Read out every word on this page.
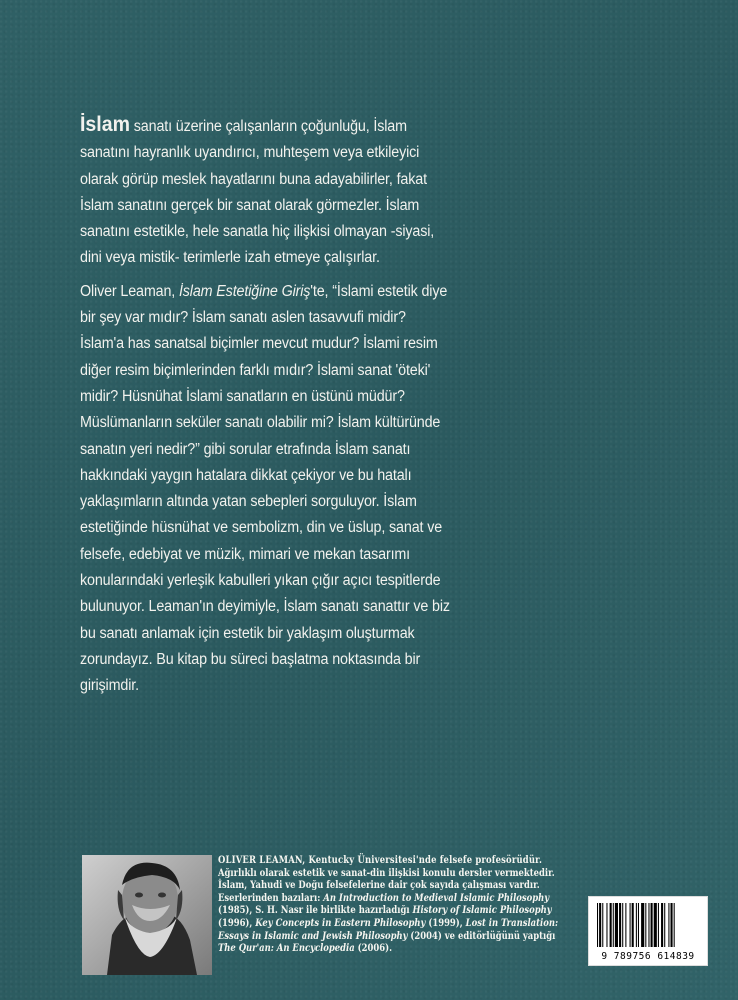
İslam sanatı üzerine çalışanların çoğunluğu, İslam sanatını hayranlık uyandırıcı, muhteşem veya etkileyici olarak görüp meslek hayatlarını buna adayabilirler, fakat İslam sanatını gerçek bir sanat olarak görmezler. İslam sanatını estetikle, hele sanatla hiç ilişkisi olmayan -siyasi, dini veya mistik- terimlerle izah etmeye çalışırlar.

Oliver Leaman, İslam Estetiğine Giriş'te, “İslami estetik diye bir şey var mıdır? İslam sanatı aslen tasavvufi midir? İslam'a has sanatsal biçimler mevcut mudur? İslami resim diğer resim biçimlerinden farklı mıdır? İslami sanat 'öteki' midir? Hüsnühat İslami sanatların en üstünü müdür? Müslümanların seküler sanatı olabilir mi? İslam kültüründe sanatın yeri nedir?” gibi sorular etrafında İslam sanatı hakkındaki yaygın hatalara dikkat çekiyor ve bu hatalı yaklaşımların altında yatan sebepleri sorguluyor. İslam estetiğinde hüsnühat ve sembolizm, din ve üslup, sanat ve felsefe, edebiyat ve müzik, mimari ve mekan tasarımı konularındaki yerleşik kabulleri yıkan çığır açıcı tespitlerde bulunuyor. Leaman'ın deyimiyle, İslam sanatı sanattır ve biz bu sanatı anlamak için estetik bir yaklaşım oluşturmak zorundayız. Bu kitap bu süreci başlatma noktasında bir girişimdir.

OLIVER LEAMAN, Kentucky Üniversitesi'nde felsefe profesörüdür.
Ağırlıklı olarak estetik ve sanat-din ilişkisi konulu dersler vermektedir.
İslam, Yahudi ve Doğu felsefelerine dair çok sayıda çalışması vardır.
Eserlerinden bazıları: An Introduction to Medieval Islamic Philosophy
(1985), S. H. Nasr ile birlikte hazırladığı History of Islamic Philosophy
(1996), Key Concepts in Eastern Philosophy (1999), Lost in Translation:
Essays in Islamic and Jewish Philosophy (2004) ve editörlüğünü yaptığı
The Qur'an: An Encyclopedia (2006).
9 789756 614839
